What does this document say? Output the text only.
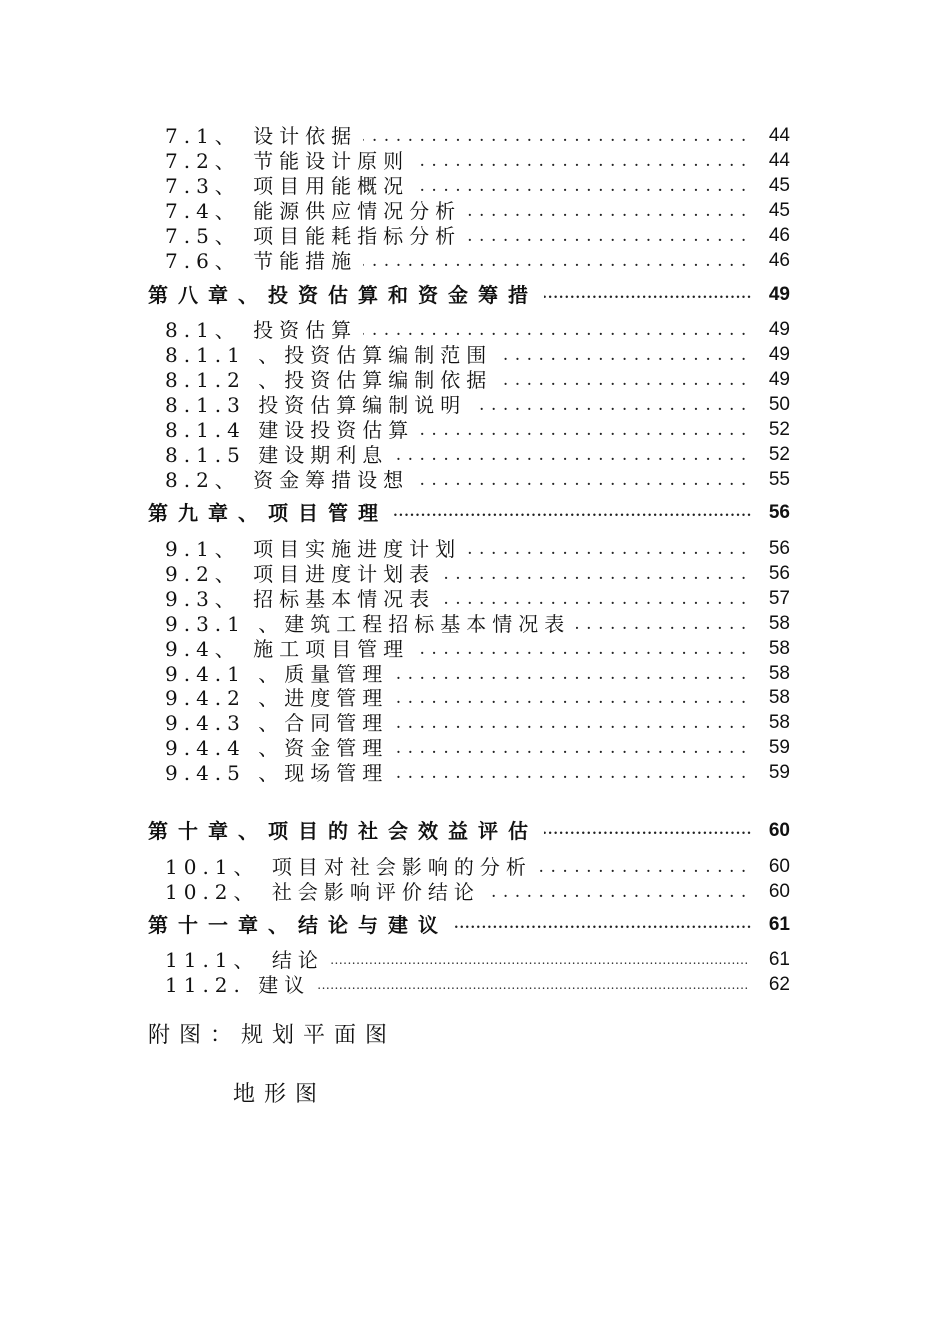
7.1、 设计依据 .....	44
7.2、 节能设计原则 .....	44
7.3、 项目用能概况 .....	45
7.4、 能源供应情况分析 .....	45
7.5、 项目能耗指标分析 .....	46
7.6、 节能措施 .....	46
第八章、投资估算和资金筹措 .....	49
8.1、 投资估算 .....	49
8.1.1 、投资估算编制范围 .....	49
8.1.2 、投资估算编制依据 .....	49
8.1.3 投资估算编制说明 .....	50
8.1.4 建设投资估算 .....	52
8.1.5 建设期利息 .....	52
8.2、 资金筹措设想 .....	55
第九章、项目管理 .....	56
9.1、 项目实施进度计划 .....	56
9.2、 项目进度计划表 .....	56
9.3、 招标基本情况表 .....	57
9.3.1 、建筑工程招标基本情况表 .....	58
9.4、 施工项目管理 .....	58
9.4.1 、质量管理 .....	58
9.4.2 、进度管理 .....	58
9.4.3 、合同管理 .....	58
9.4.4 、资金管理 .....	59
9.4.5 、现场管理 .....	59
第十章、项目的社会效益评估 .....	60
10.1、 项目对社会影响的分析 .....	60
10.2、 社会影响评价结论 .....	60
第十一章、结论与建议 .....	61
11.1、 结论 .....	61
11.2. 建议 .....	62
附图：规划平面图
地形图
